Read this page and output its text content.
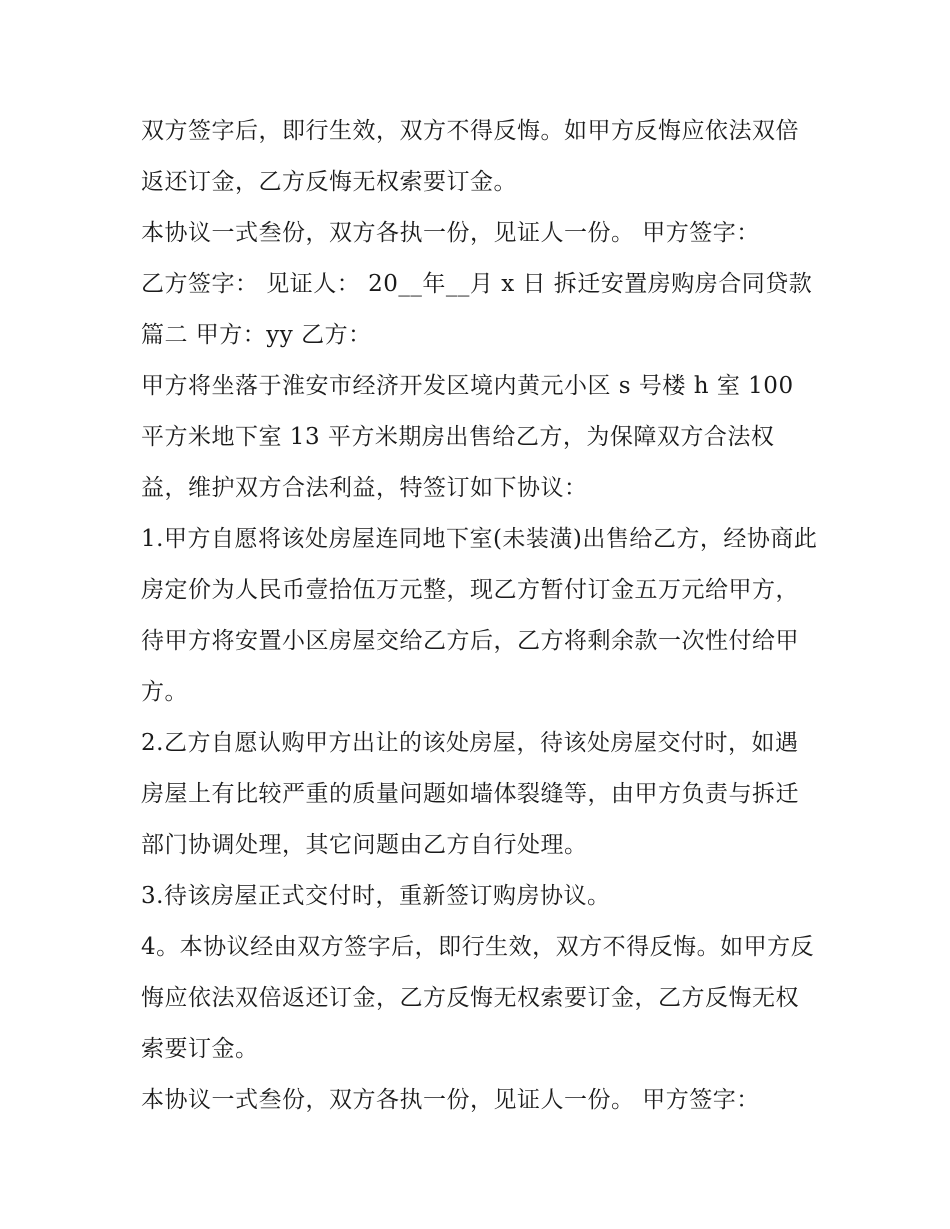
双方签字后，即行生效，双方不得反悔。如甲方反悔应依法双倍返还订金，乙方反悔无权索要订金。

本协议一式叁份，双方各执一份，见证人一份。 甲方签字：

乙方签字： 见证人： 20__年__月 x 日 拆迁安置房购房合同贷款篇二 甲方：yy 乙方：

甲方将坐落于淮安市经济开发区境内黄元小区 s 号楼 h 室 100 平方米地下室 13 平方米期房出售给乙方，为保障双方合法权益，维护双方合法利益，特签订如下协议：

1.甲方自愿将该处房屋连同地下室(未装潢)出售给乙方，经协商此房定价为人民币壹拾伍万元整，现乙方暂付订金五万元给甲方，待甲方将安置小区房屋交给乙方后，乙方将剩余款一次性付给甲方。

2.乙方自愿认购甲方出让的该处房屋，待该处房屋交付时，如遇房屋上有比较严重的质量问题如墙体裂缝等，由甲方负责与拆迁部门协调处理，其它问题由乙方自行处理。

3.待该房屋正式交付时，重新签订购房协议。

4。本协议经由双方签字后，即行生效，双方不得反悔。如甲方反悔应依法双倍返还订金，乙方反悔无权索要订金，乙方反悔无权索要订金。

本协议一式叁份，双方各执一份，见证人一份。 甲方签字：
